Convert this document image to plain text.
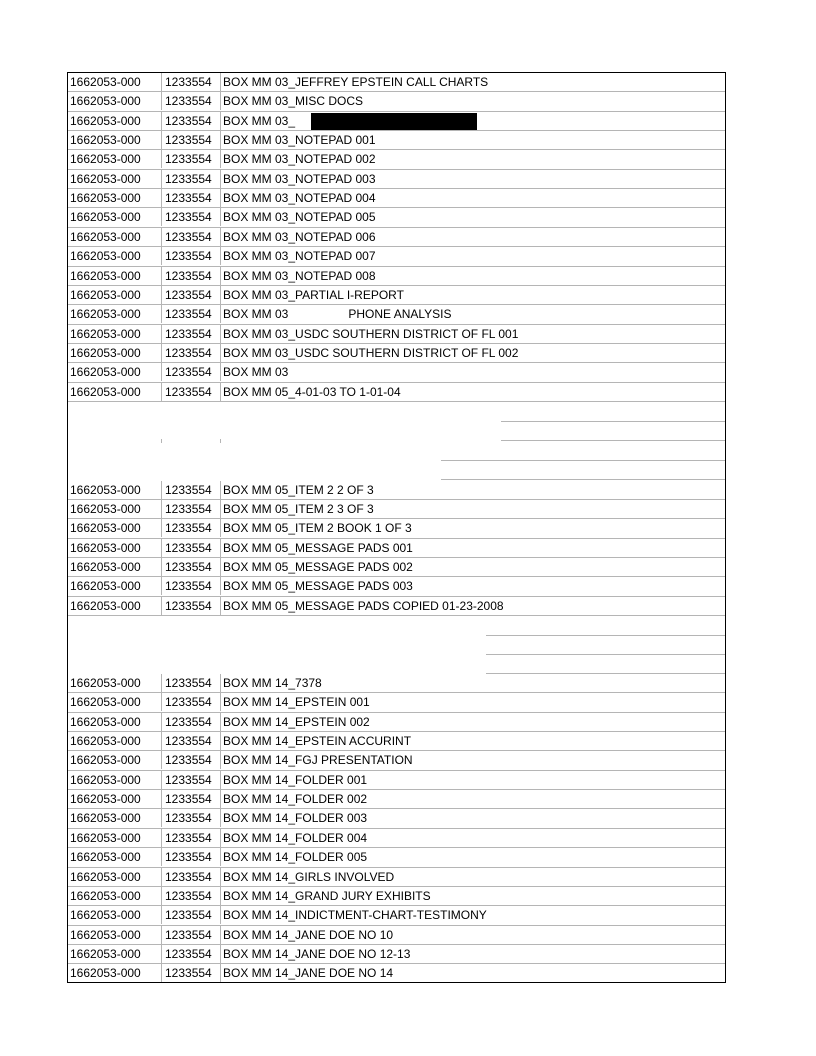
1662053-000	1233554 BOX MM 03_JEFFREY EPSTEIN CALL CHARTS
1662053-000	1233554 BOX MM 03_MISC DOCS
1662053-000	1233554 BOX MM 03_
1662053-000	1233554 BOX MM 03_NOTEPAD 001
1662053-000	1233554 BOX MM 03_NOTEPAD 002
1662053-000	1233554 BOX MM 03_NOTEPAD 003
1662053-000	1233554 BOX MM 03_NOTEPAD 004
1662053-000	1233554 BOX MM 03_NOTEPAD 005
1662053-000	1233554 BOX MM 03_NOTEPAD 006
1662053-000	1233554 BOX MM 03_NOTEPAD 007
1662053-000	1233554 BOX MM 03_NOTEPAD 008
1662053-000	1233554 BOX MM 03_PARTIAL I-REPORT
1662053-000	1233554 BOX MM 03                  PHONE ANALYSIS
1662053-000	1233554 BOX MM 03_USDC SOUTHERN DISTRICT OF FL 001
1662053-000	1233554 BOX MM 03_USDC SOUTHERN DISTRICT OF FL 002
1662053-000	1233554 BOX MM 03
1662053-000	1233554 BOX MM 05_4-01-03 TO 1-01-04
1662053-000	1233554 BOX MM 05_ITEM 2 2 OF 3
1662053-000	1233554 BOX MM 05_ITEM 2 3 OF 3
1662053-000	1233554 BOX MM 05_ITEM 2 BOOK 1 OF 3
1662053-000	1233554 BOX MM 05_MESSAGE PADS 001
1662053-000	1233554 BOX MM 05_MESSAGE PADS 002
1662053-000	1233554 BOX MM 05_MESSAGE PADS 003
1662053-000	1233554 BOX MM 05_MESSAGE PADS COPIED 01-23-2008
1662053-000	1233554 BOX MM 14_7378
1662053-000	1233554 BOX MM 14_EPSTEIN 001
1662053-000	1233554 BOX MM 14_EPSTEIN 002
1662053-000	1233554 BOX MM 14_EPSTEIN ACCURINT
1662053-000	1233554 BOX MM 14_FGJ PRESENTATION
1662053-000	1233554 BOX MM 14_FOLDER 001
1662053-000	1233554 BOX MM 14_FOLDER 002
1662053-000	1233554 BOX MM 14_FOLDER 003
1662053-000	1233554 BOX MM 14_FOLDER 004
1662053-000	1233554 BOX MM 14_FOLDER 005
1662053-000	1233554 BOX MM 14_GIRLS INVOLVED
1662053-000	1233554 BOX MM 14_GRAND JURY EXHIBITS
1662053-000	1233554 BOX MM 14_INDICTMENT-CHART-TESTIMONY
1662053-000	1233554 BOX MM 14_JANE DOE NO 10
1662053-000	1233554 BOX MM 14_JANE DOE NO 12-13
1662053-000	1233554 BOX MM 14_JANE DOE NO 14
